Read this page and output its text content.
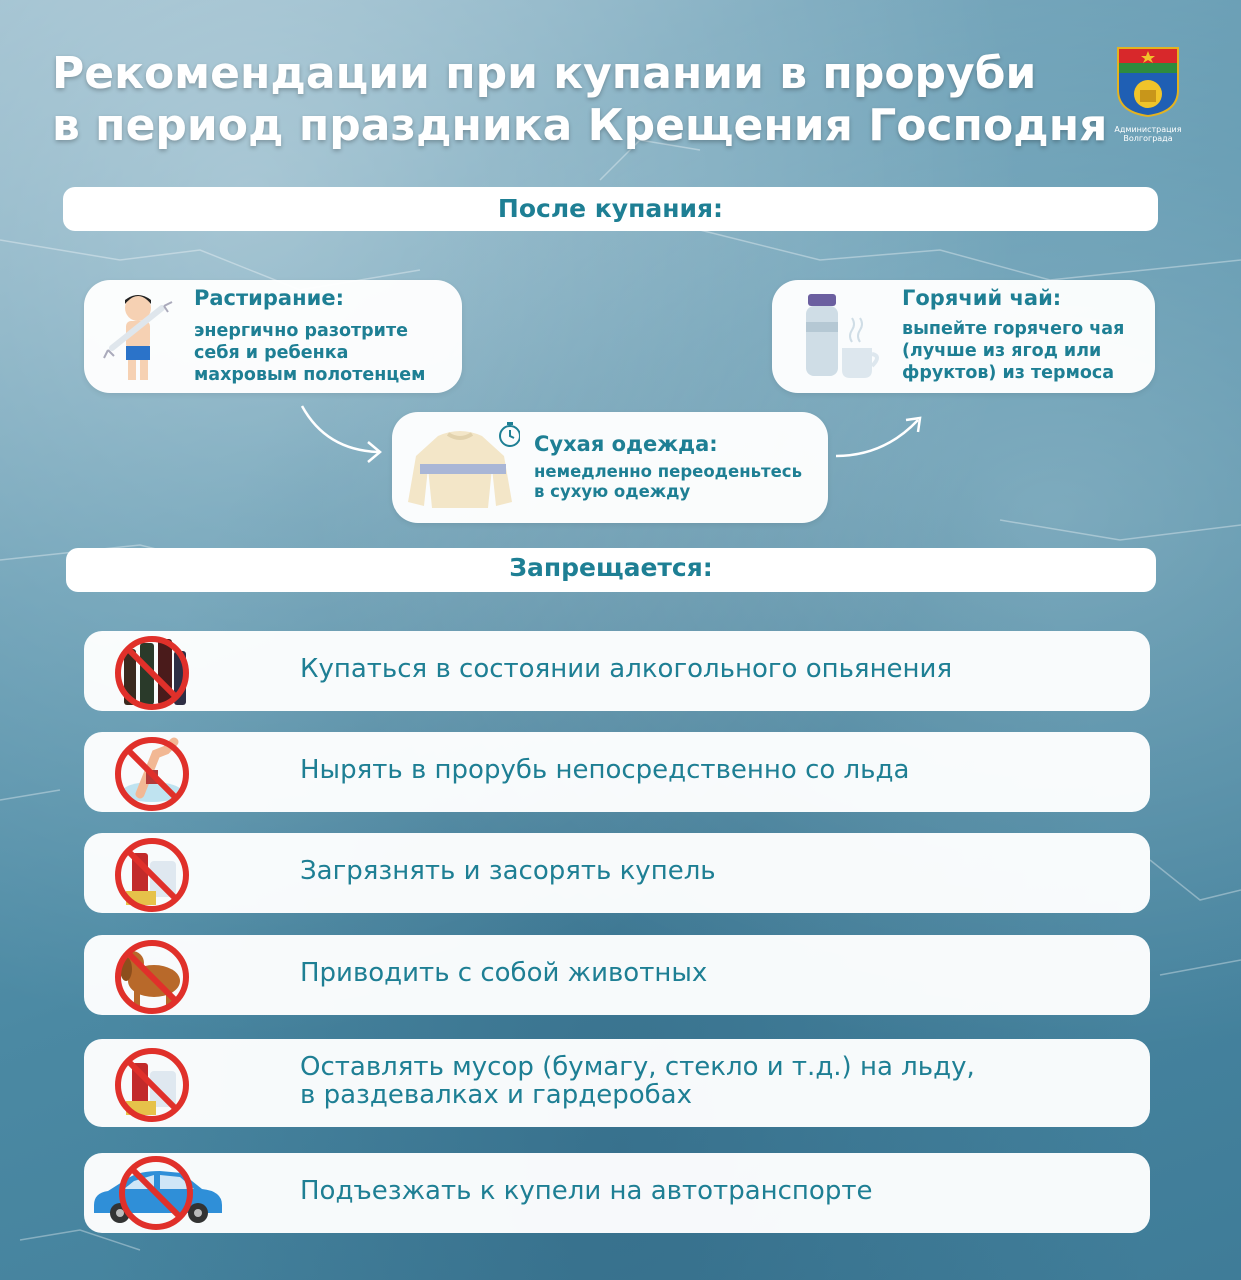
Рекомендации при купании в проруби
в период праздника Крещения Господня Администрация
Волгограда
После купания:
Растирание:
энергично разотрите
себя и ребенка
махровым полотенцем
Горячий чай:
выпейте горячего чая
(лучше из ягод или
фруктов) из термоса
Сухая одежда:
немедленно переоденьтесь
в сухую одежду
Запрещается:
Купаться в состоянии алкогольного опьянения
Нырять в прорубь непосредственно со льда
Загрязнять и засорять купель
Приводить с собой животных
Оставлять мусор (бумагу, стекло и т.д.) на льду,
в раздевалках и гардеробах
Подъезжать к купели на автотранспорте
